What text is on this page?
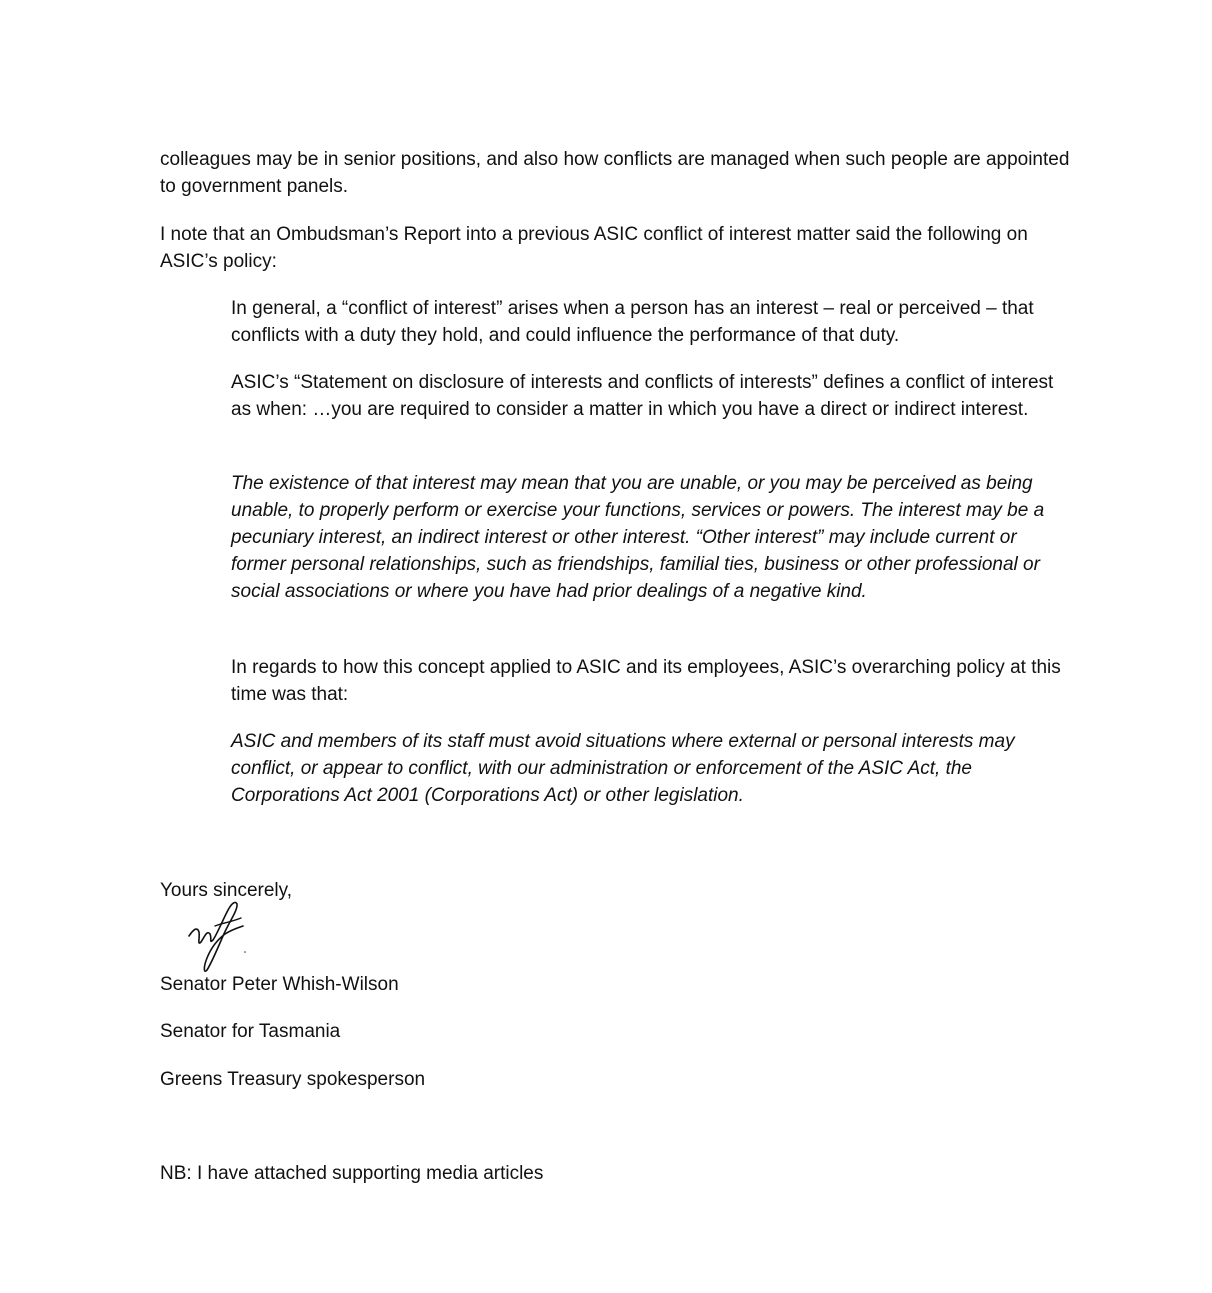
colleagues may be in senior positions, and also how conflicts are managed when such people are appointed to government panels.

I note that an Ombudsman’s Report into a previous ASIC conflict of interest matter said the following on ASIC’s policy:

In general, a “conflict of interest” arises when a person has an interest – real or perceived – that conflicts with a duty they hold, and could influence the performance of that duty.

ASIC’s “Statement on disclosure of interests and conflicts of interests” defines a conflict of interest as when: …you are required to consider a matter in which you have a direct or indirect interest.

The existence of that interest may mean that you are unable, or you may be perceived as being unable, to properly perform or exercise your functions, services or powers. The interest may be a pecuniary interest, an indirect interest or other interest. “Other interest” may include current or former personal relationships, such as friendships, familial ties, business or other professional or social associations or where you have had prior dealings of a negative kind.

In regards to how this concept applied to ASIC and its employees, ASIC’s overarching policy at this time was that:

ASIC and members of its staff must avoid situations where external or personal interests may conflict, or appear to conflict, with our administration or enforcement of the ASIC Act, the Corporations Act 2001 (Corporations Act) or other legislation.

Yours sincerely,

Senator Peter Whish-Wilson

Senator for Tasmania

Greens Treasury spokesperson

NB: I have attached supporting media articles
